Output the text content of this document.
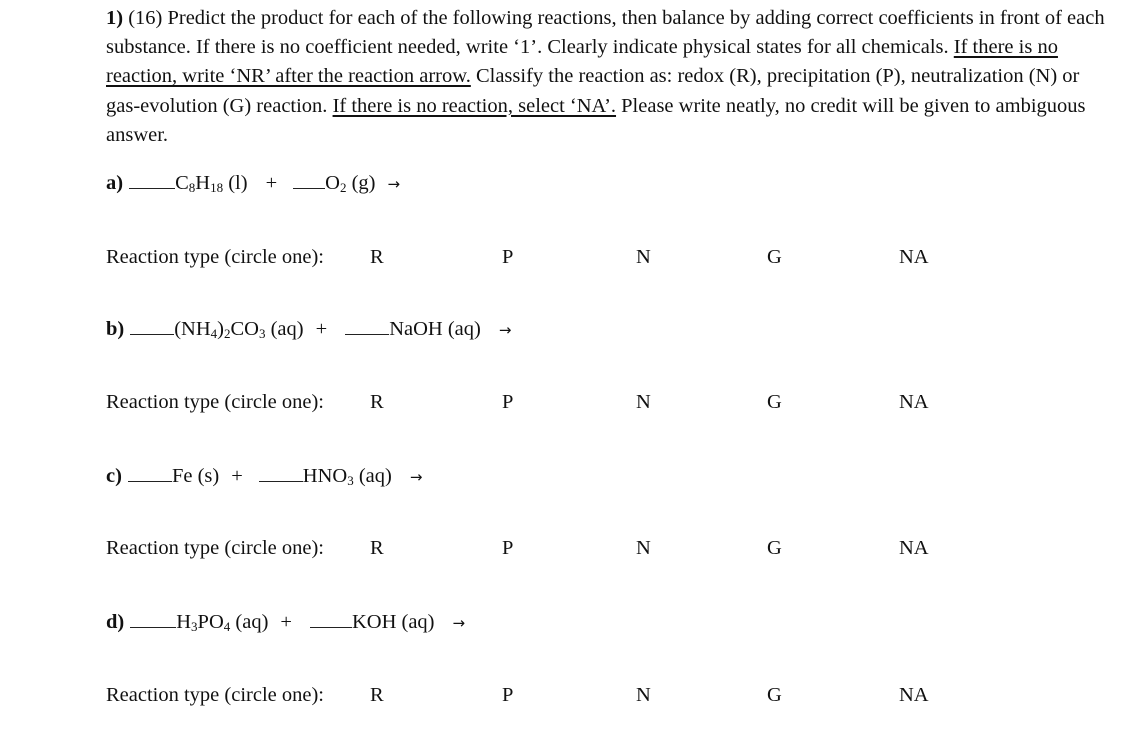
1) (16) Predict the product for each of the following reactions, then balance by adding correct coefficients in front of each substance. If there is no coefficient needed, write ‘1’. Clearly indicate physical states for all chemicals. If there is no reaction, write ‘NR’ after the reaction arrow. Classify the reaction as: redox (R), precipitation (P), neutralization (N) or gas-evolution (G) reaction. If there is no reaction, select ‘NA’. Please write neatly, no credit will be given to ambiguous answer.
a)	$C_8H_{18}$ $(l) + O_2$ (g) →
Reaction type (circle one): R	P	N	G	NA
b) $(NH_4)_2CO_3$ (aq) +	NaOH (aq) →
Reaction type (circle one): R	P	N	G	NA
c) Fe (s) +	$HNO_3$ (aq) →
Reaction type (circle one): R	P	N	G	NA
d)	$H_3PO_4$ (aq) +	KOH (aq) →
Reaction type (circle one): R	P	N	G	NA
